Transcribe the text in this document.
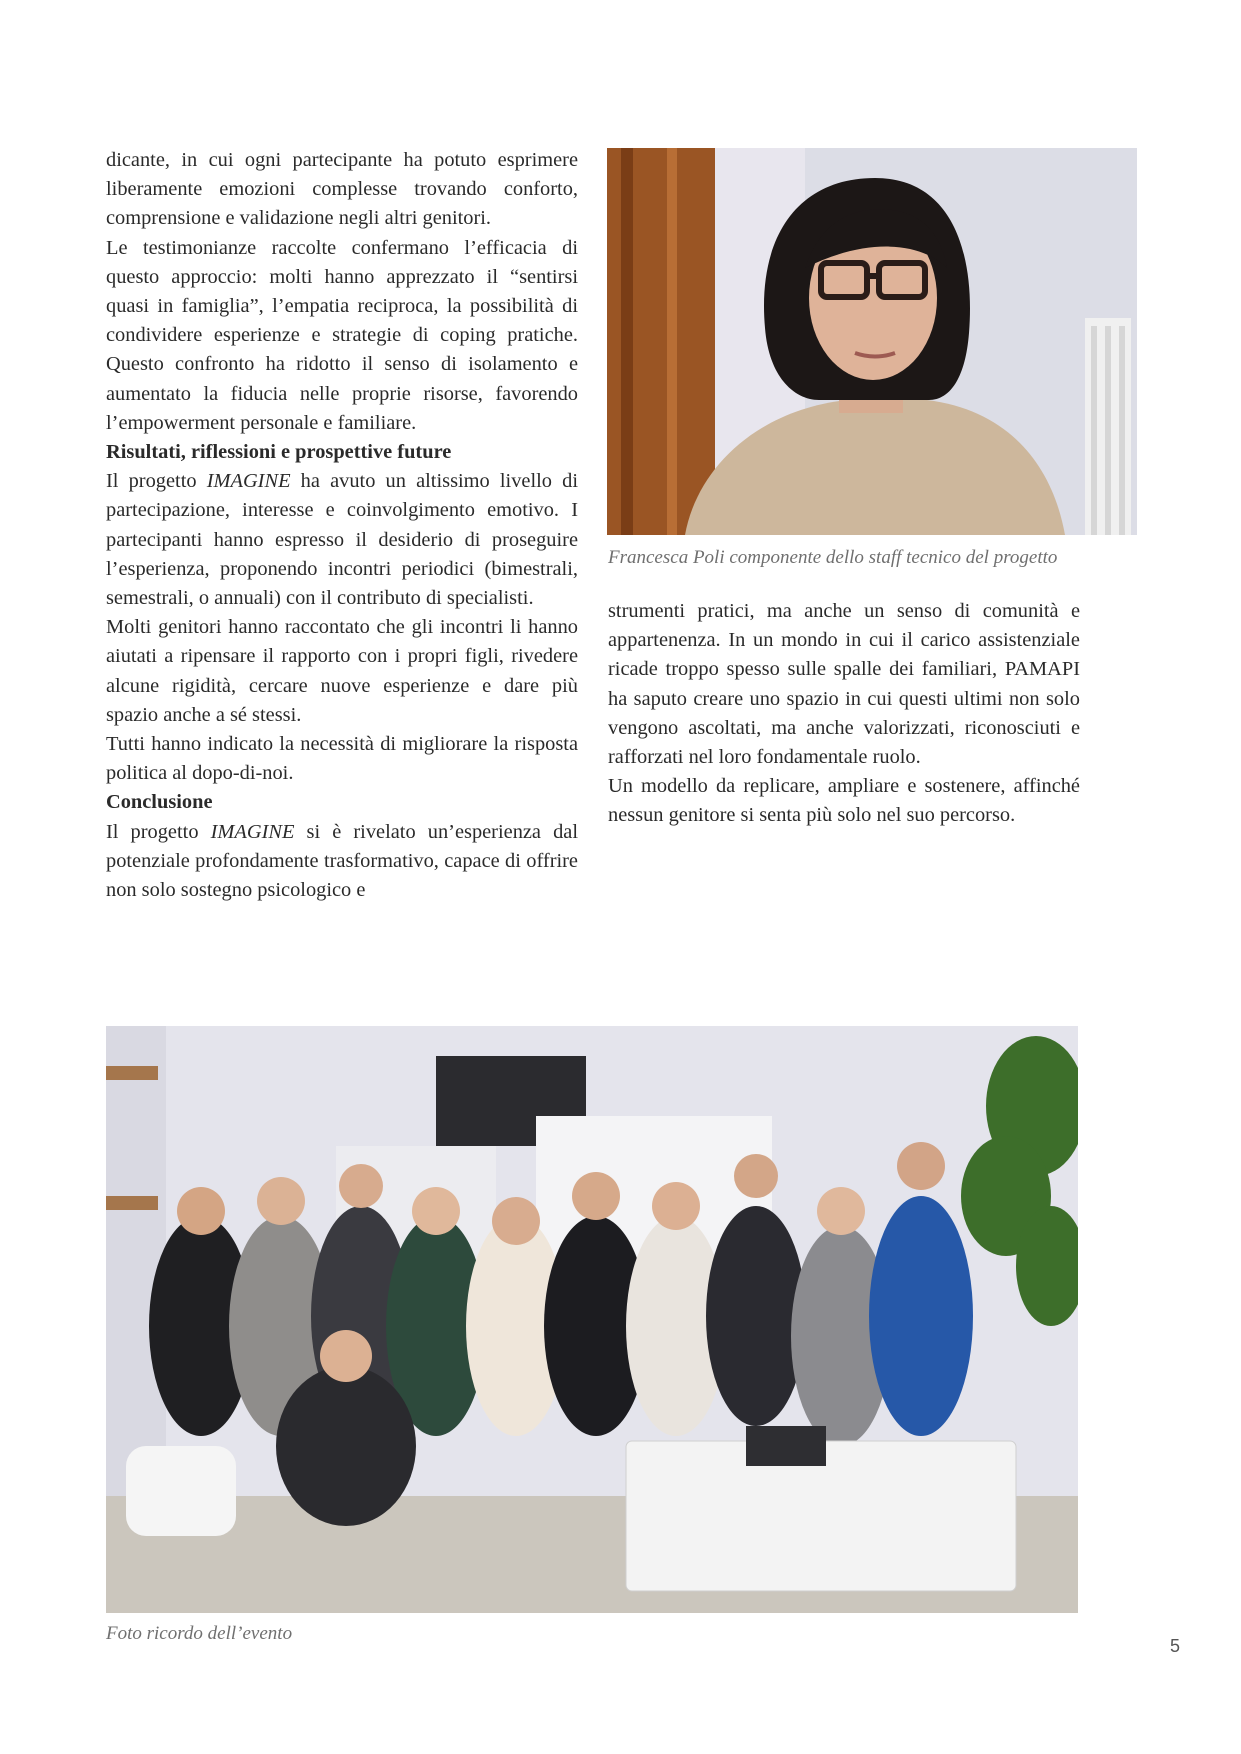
dicante, in cui ogni partecipante ha potuto esprimere liberamente emozioni complesse trovando conforto, comprensione e validazione negli altri genitori.

Le testimonianze raccolte confermano l’efficacia di questo approccio: molti hanno apprezzato il “sentirsi quasi in famiglia”, l’empatia reciproca, la possibilità di condividere esperienze e strategie di coping pratiche. Questo confronto ha ridotto il senso di isolamento e aumentato la fiducia nelle proprie risorse, favorendo l’empowerment personale e familiare.

Risultati, riflessioni e prospettive future

Il progetto IMAGINE ha avuto un altissimo livello di partecipazione, interesse e coinvolgimento emotivo. I partecipanti hanno espresso il desiderio di proseguire l’esperienza, proponendo incontri periodici (bimestrali, semestrali, o annuali) con il contributo di specialisti.

Molti genitori hanno raccontato che gli incontri li hanno aiutati a ripensare il rapporto con i propri figli, rivedere alcune rigidità, cercare nuove esperienze e dare più spazio anche a sé stessi.

Tutti hanno indicato la necessità di migliorare la risposta politica al dopo-di-noi.

Conclusione

Il progetto IMAGINE si è rivelato un’esperienza dal potenziale profondamente trasformativo, capace di offrire non solo sostegno psicologico e

Francesca Poli componente dello staff tecnico del progetto

strumenti pratici, ma anche un senso di comunità e appartenenza. In un mondo in cui il carico assistenziale ricade troppo spesso sulle spalle dei familiari, PAMAPI ha saputo creare uno spazio in cui questi ultimi non solo vengono ascoltati, ma anche valorizzati, riconosciuti e rafforzati nel loro fondamentale ruolo.

Un modello da replicare, ampliare e sostenere, affinché nessun genitore si senta più solo nel suo percorso.

Foto ricordo dell’evento
5
